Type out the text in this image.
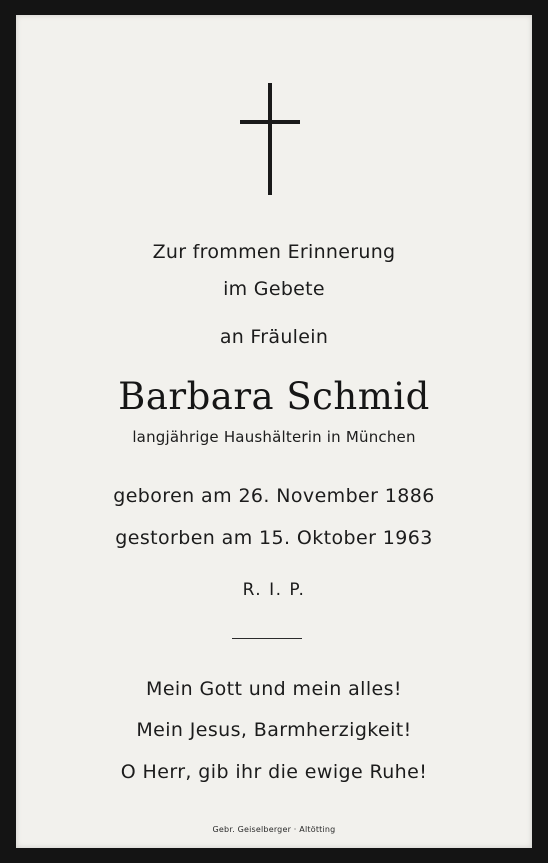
Zur frommen Erinnerung
im Gebete
an Fräulein
Barbara Schmid
langjährige Haushälterin in München
geboren am 26. November 1886
gestorben am 15. Oktober 1963
R. I. P.
Mein Gott und mein alles!
Mein Jesus, Barmherzigkeit!
O Herr, gib ihr die ewige Ruhe!
Gebr. Geiselberger · Altötting
